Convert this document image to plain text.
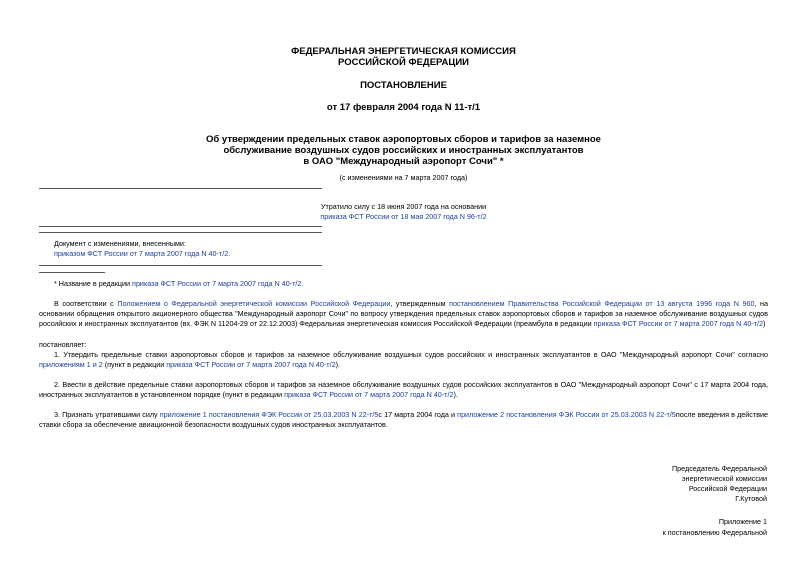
ФЕДЕРАЛЬНАЯ ЭНЕРГЕТИЧЕСКАЯ КОМИССИЯ
РОССИЙСКОЙ ФЕДЕРАЦИИ
ПОСТАНОВЛЕНИЕ
от 17 февраля 2004 года N 11-т/1
Об утверждении предельных ставок аэропортовых сборов и тарифов за наземное
обслуживание воздушных судов российских и иностранных эксплуатантов
в ОАО "Международный аэропорт Сочи" *
(с изменениями на 7 марта 2007 года)
Утратило силу с 18 июня 2007 года на основании
приказа ФСТ России от 18 мая 2007 года N 96-т/2
Документ с изменениями, внесенными:
приказом ФСТ России от 7 марта 2007 года N 40-т/2.
* Название в редакции приказа ФСТ России от 7 марта 2007 года N 40-т/2.
В соответствии с Положением о Федеральной энергетической комиссии Российской Федерации, утвержденным постановлением Правительства Российской Федерации от 13 августа 1996 года N 960, на основании обращения открытого акционерного общества "Международный аэропорт Сочи" по вопросу утверждения предельных ставок аэропортовых сборов и тарифов за наземное обслуживание воздушных судов российских и иностранных эксплуатантов (вх. ФЭК N 11204-29 от 22.12.2003) Федеральная энергетическая комиссия Российской Федерации (преамбула в редакции приказа ФСТ России от 7 марта 2007 года N 40-т/2)
постановляет:
1. Утвердить предельные ставки аэропортовых сборов и тарифов за наземное обслуживание воздушных судов российских и иностранных эксплуатантов в ОАО "Международный аэропорт Сочи" согласно приложениям 1 и 2 (пункт в редакции приказа ФСТ России от 7 марта 2007 года N 40-т/2).
2. Ввести в действие предельные ставки аэропортовых сборов и тарифов за наземное обслуживание воздушных судов российских эксплуатантов в ОАО "Международный аэропорт Сочи" с 17 марта 2004 года, иностранных эксплуатантов в установленном порядке (пункт в редакции приказа ФСТ России от 7 марта 2007 года N 40-т/2).
3. Признать утратившими силу приложение 1 постановления ФЭК России от 25.03.2003 N 22-т/5с 17 марта 2004 года и приложение 2 постановления ФЭК России от 25.03.2003 N 22-т/5после введения в действие ставки сбора за обеспечение авиационной безопасности воздушных судов иностранных эксплуатантов.
Председатель Федеральной
энергетической комиссии
Российской Федерации
Г.Кутовой
Приложение 1
к постановлению Федеральной
